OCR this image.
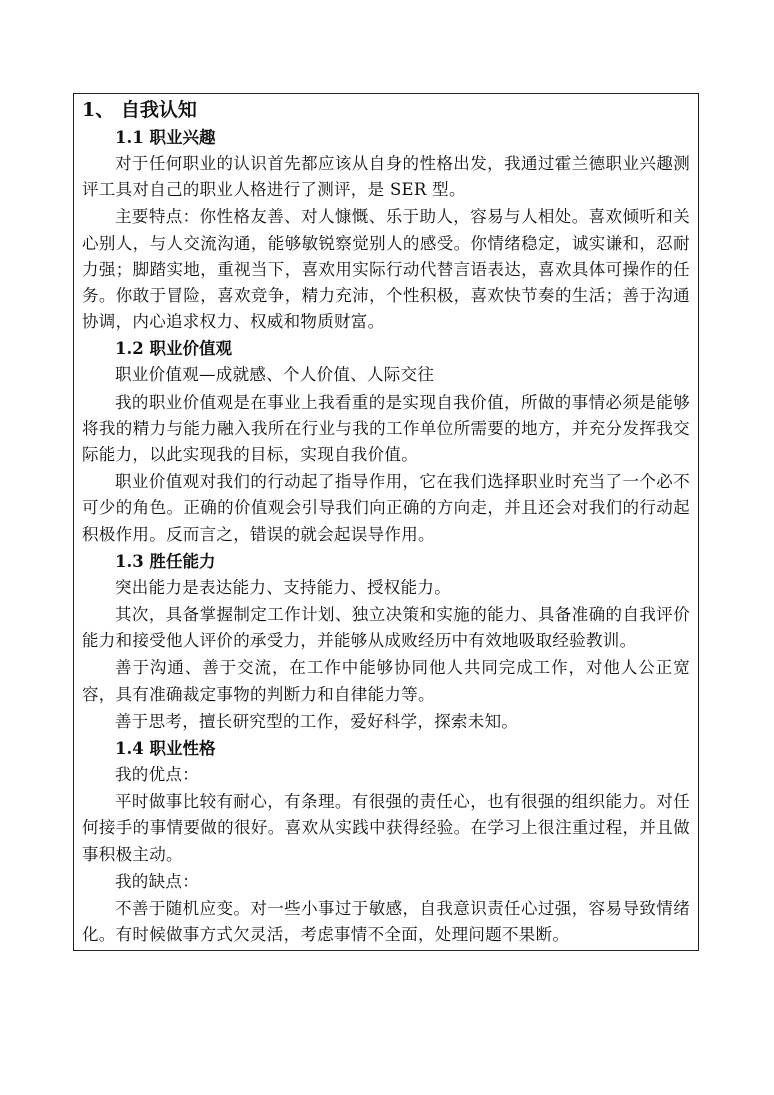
1、 自我认知
1.1 职业兴趣

对于任何职业的认识首先都应该从自身的性格出发，我通过霍兰德职业兴趣测评工具对自己的职业人格进行了测评，是 SER 型。

主要特点：你性格友善、对人慷慨、乐于助人，容易与人相处。喜欢倾听和关心别人，与人交流沟通，能够敏锐察觉别人的感受。你情绪稳定，诚实谦和，忍耐力强；脚踏实地，重视当下，喜欢用实际行动代替言语表达，喜欢具体可操作的任务。你敢于冒险，喜欢竞争，精力充沛，个性积极，喜欢快节奏的生活；善于沟通协调，内心追求权力、权威和物质财富。

1.2 职业价值观

职业价值观—成就感、个人价值、人际交往

我的职业价值观是在事业上我看重的是实现自我价值，所做的事情必须是能够将我的精力与能力融入我所在行业与我的工作单位所需要的地方，并充分发挥我交际能力，以此实现我的目标，实现自我价值。

职业价值观对我们的行动起了指导作用，它在我们选择职业时充当了一个必不可少的角色。正确的价值观会引导我们向正确的方向走，并且还会对我们的行动起积极作用。反而言之，错误的就会起误导作用。

1.3 胜任能力

突出能力是表达能力、支持能力、授权能力。

其次，具备掌握制定工作计划、独立决策和实施的能力、具备准确的自我评价能力和接受他人评价的承受力，并能够从成败经历中有效地吸取经验教训。

善于沟通、善于交流，在工作中能够协同他人共同完成工作，对他人公正宽容，具有准确裁定事物的判断力和自律能力等。

善于思考，擅长研究型的工作，爱好科学，探索未知。

1.4 职业性格

我的优点：

平时做事比较有耐心，有条理。有很强的责任心，也有很强的组织能力。对任何接手的事情要做的很好。喜欢从实践中获得经验。在学习上很注重过程，并且做事积极主动。

我的缺点：

不善于随机应变。对一些小事过于敏感，自我意识责任心过强，容易导致情绪化。有时候做事方式欠灵活，考虑事情不全面，处理问题不果断。
